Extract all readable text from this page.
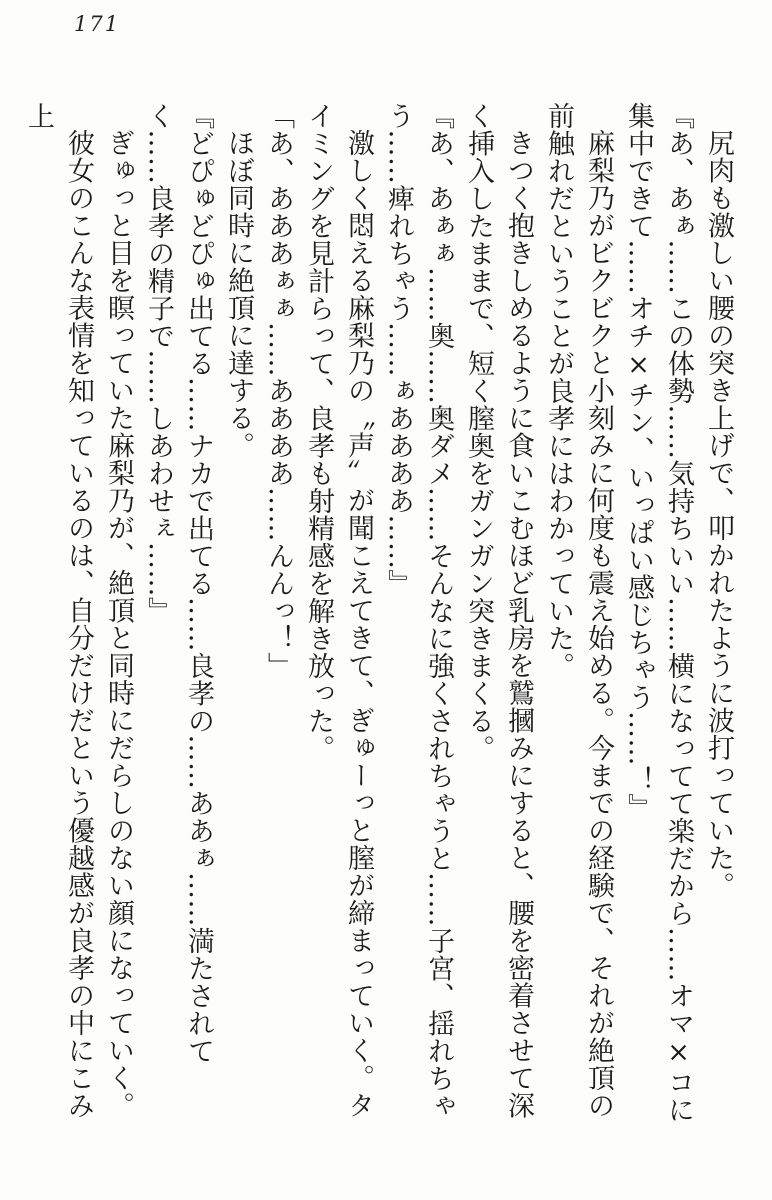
171

尻肉も激しい腰の突き上げで、叩かれたように波打っていた。

『あ、あぁ……この体勢……気持ちいい……横になってて楽だから……オマ×コに集中できて……オチ×チン、いっぱい感じちゃう……！』

麻梨乃がビクビクと小刻みに何度も震え始める。今までの経験で、それが絶頂の前触れだということが良孝にはわかっていた。

きつく抱きしめるように食いこむほど乳房を鷲摑みにすると、腰を密着させて深く挿入したままで、短く膣奥をガンガン突きまくる。

『あ、あぁぁ……奥……奥ダメ……そんなに強くされちゃうと……子宮、揺れちゃう……痺れちゃう……ぁああああ……』

激しく悶える麻梨乃の〝声〟が聞こえてきて、ぎゅーっと膣が締まっていく。タイミングを見計らって、良孝も射精感を解き放った。

「あ、あああぁぁ……ああああ……んんっ！」

ほぼ同時に絶頂に達する。

『どぴゅどぴゅ出てる……ナカで出てる……良孝の……ああぁ……満たされてく……良孝の精子で……しあわせぇ……』

ぎゅっと目を瞑っていた麻梨乃が、絶頂と同時にだらしのない顔になっていく。

彼女のこんな表情を知っているのは、自分だけだという優越感が良孝の中にこみ上
